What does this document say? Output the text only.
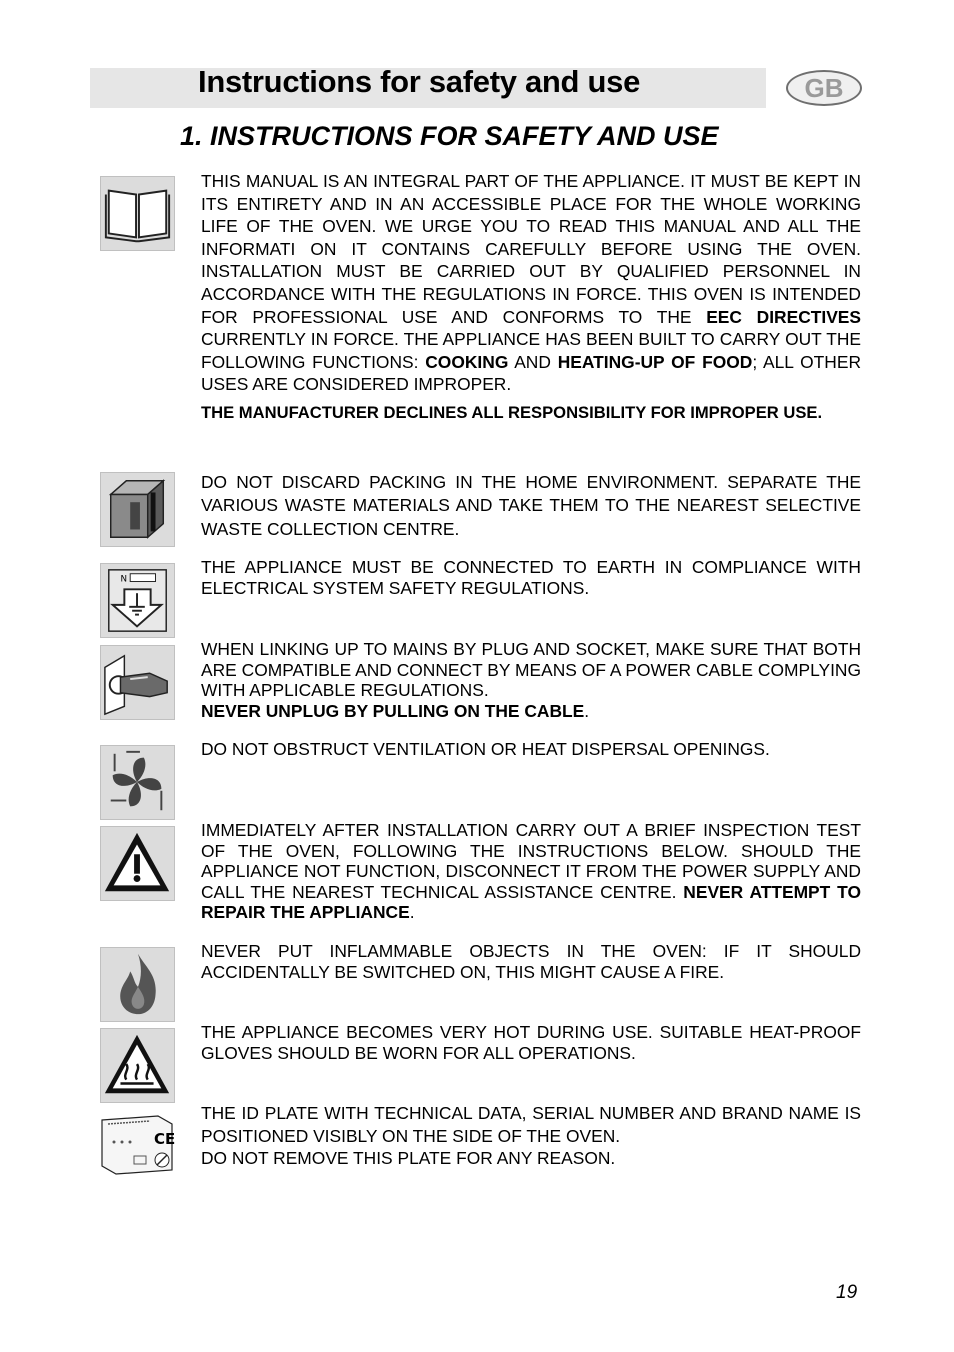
Instructions for safety and use	GB
1. INSTRUCTIONS FOR SAFETY AND USE
N
CE
THIS MANUAL IS AN INTEGRAL PART OF THE APPLIANCE. IT MUST BE KEPT IN ITS ENTIRETY AND IN AN ACCESSIBLE PLACE FOR THE WHOLE WORKING LIFE OF THE OVEN. WE URGE YOU TO READ THIS MANUAL AND ALL THE INFORMATI ON IT CONTAINS CAREFULLY BEFORE USING THE OVEN. INSTALLATION MUST BE CARRIED OUT BY QUALIFIED PERSONNEL IN ACCORDANCE WITH THE REGULATIONS IN FORCE. THIS OVEN IS INTENDED FOR PROFESSIONAL USE AND CONFORMS TO THE EEC DIRECTIVES CURRENTLY IN FORCE. THE APPLIANCE HAS BEEN BUILT TO CARRY OUT THE FOLLOWING FUNCTIONS: COOKING AND HEATING-UP OF FOOD; ALL OTHER USES ARE CONSIDERED IMPROPER.
THE MANUFACTURER DECLINES ALL RESPONSIBILITY FOR IMPROPER USE.
DO NOT DISCARD PACKING IN THE HOME ENVIRONMENT. SEPARATE THE VARIOUS WASTE MATERIALS AND TAKE THEM TO THE NEAREST SELECTIVE WASTE COLLECTION CENTRE.
THE APPLIANCE MUST BE CONNECTED TO EARTH IN COMPLIANCE WITH ELECTRICAL SYSTEM SAFETY REGULATIONS.
WHEN LINKING UP TO MAINS BY PLUG AND SOCKET, MAKE SURE THAT BOTH ARE COMPATIBLE AND CONNECT BY MEANS OF A POWER CABLE COMPLYING WITH APPLICABLE REGULATIONS.
NEVER UNPLUG BY PULLING ON THE CABLE.
DO NOT OBSTRUCT VENTILATION OR HEAT DISPERSAL OPENINGS.
IMMEDIATELY AFTER INSTALLATION CARRY OUT A BRIEF INSPECTION TEST OF THE OVEN, FOLLOWING THE INSTRUCTIONS BELOW. SHOULD THE APPLIANCE NOT FUNCTION, DISCONNECT IT FROM THE POWER SUPPLY AND CALL THE NEAREST TECHNICAL ASSISTANCE CENTRE. NEVER ATTEMPT TO REPAIR THE APPLIANCE.
NEVER PUT INFLAMMABLE OBJECTS IN THE OVEN: IF IT SHOULD ACCIDENTALLY BE SWITCHED ON, THIS MIGHT CAUSE A FIRE.
THE APPLIANCE BECOMES VERY HOT DURING USE. SUITABLE HEAT-PROOF GLOVES SHOULD BE WORN FOR ALL OPERATIONS.
THE ID PLATE WITH TECHNICAL DATA, SERIAL NUMBER AND BRAND NAME IS POSITIONED VISIBLY ON THE SIDE OF THE OVEN.
DO NOT REMOVE THIS PLATE FOR ANY REASON.
19
